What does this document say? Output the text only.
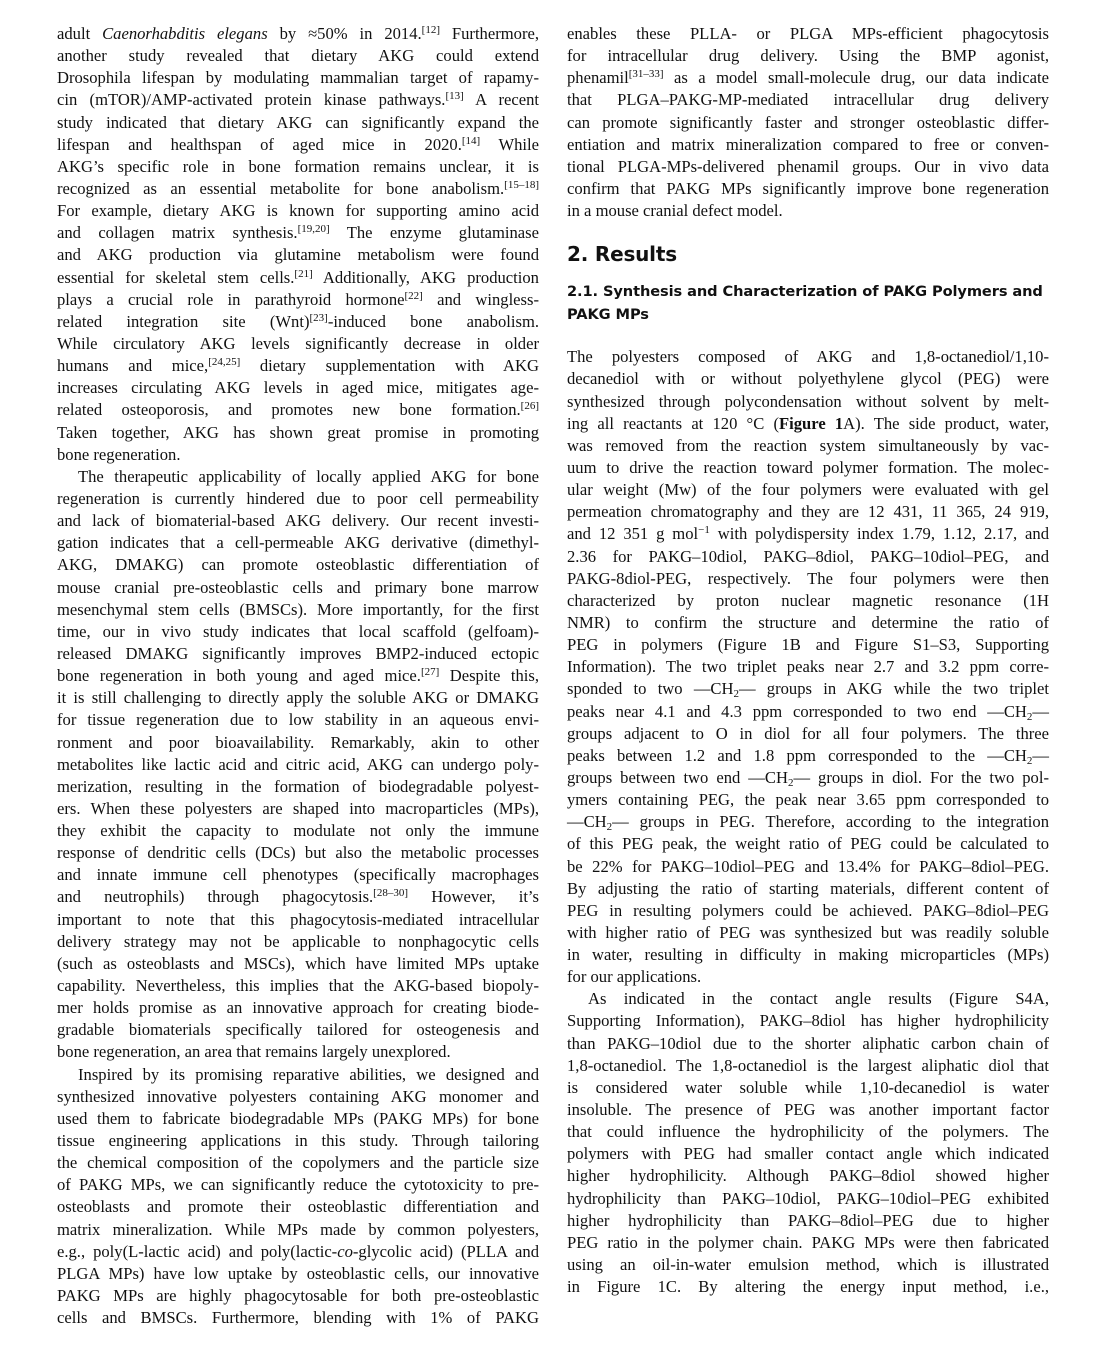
adult Caenorhabditis elegans by ≈50% in 2014.[12] Furthermore,
another study revealed that dietary AKG could extend
Drosophila lifespan by modulating mammalian target of rapamy-
cin (mTOR)/AMP-activated protein kinase pathways.[13] A recent
study indicated that dietary AKG can significantly expand the
lifespan and healthspan of aged mice in 2020.[14] While
AKG’s specific role in bone formation remains unclear, it is
recognized as an essential metabolite for bone anabolism.[15–18]
For example, dietary AKG is known for supporting amino acid
and collagen matrix synthesis.[19,20] The enzyme glutaminase
and AKG production via glutamine metabolism were found
essential for skeletal stem cells.[21] Additionally, AKG production
plays a crucial role in parathyroid hormone[22] and wingless-
related integration site (Wnt)[23]-induced bone anabolism.
While circulatory AKG levels significantly decrease in older
humans and mice,[24,25] dietary supplementation with AKG
increases circulating AKG levels in aged mice, mitigates age-
related osteoporosis, and promotes new bone formation.[26]
Taken together, AKG has shown great promise in promoting
bone regeneration.
The therapeutic applicability of locally applied AKG for bone
regeneration is currently hindered due to poor cell permeability
and lack of biomaterial-based AKG delivery. Our recent investi-
gation indicates that a cell-permeable AKG derivative (dimethyl-
AKG, DMAKG) can promote osteoblastic differentiation of
mouse cranial pre-osteoblastic cells and primary bone marrow
mesenchymal stem cells (BMSCs). More importantly, for the first
time, our in vivo study indicates that local scaffold (gelfoam)-
released DMAKG significantly improves BMP2-induced ectopic
bone regeneration in both young and aged mice.[27] Despite this,
it is still challenging to directly apply the soluble AKG or DMAKG
for tissue regeneration due to low stability in an aqueous envi-
ronment and poor bioavailability. Remarkably, akin to other
metabolites like lactic acid and citric acid, AKG can undergo poly-
merization, resulting in the formation of biodegradable polyest-
ers. When these polyesters are shaped into macroparticles (MPs),
they exhibit the capacity to modulate not only the immune
response of dendritic cells (DCs) but also the metabolic processes
and innate immune cell phenotypes (specifically macrophages
and neutrophils) through phagocytosis.[28–30] However, it’s
important to note that this phagocytosis-mediated intracellular
delivery strategy may not be applicable to nonphagocytic cells
(such as osteoblasts and MSCs), which have limited MPs uptake
capability. Nevertheless, this implies that the AKG-based biopoly-
mer holds promise as an innovative approach for creating biode-
gradable biomaterials specifically tailored for osteogenesis and
bone regeneration, an area that remains largely unexplored.
Inspired by its promising reparative abilities, we designed and
synthesized innovative polyesters containing AKG monomer and
used them to fabricate biodegradable MPs (PAKG MPs) for bone
tissue engineering applications in this study. Through tailoring
the chemical composition of the copolymers and the particle size
of PAKG MPs, we can significantly reduce the cytotoxicity to pre-
osteoblasts and promote their osteoblastic differentiation and
matrix mineralization. While MPs made by common polyesters,
e.g., poly(L-lactic acid) and poly(lactic-co-glycolic acid) (PLLA and
PLGA MPs) have low uptake by osteoblastic cells, our innovative
PAKG MPs are highly phagocytosable for both pre-osteoblastic
cells and BMSCs. Furthermore, blending with 1% of PAKG
enables these PLLA- or PLGA MPs-efficient phagocytosis
for intracellular drug delivery. Using the BMP agonist,
phenamil[31–33] as a model small-molecule drug, our data indicate
that PLGA–PAKG-MP-mediated intracellular drug delivery
can promote significantly faster and stronger osteoblastic differ-
entiation and matrix mineralization compared to free or conven-
tional PLGA-MPs-delivered phenamil groups. Our in vivo data
confirm that PAKG MPs significantly improve bone regeneration
in a mouse cranial defect model.
2. Results
2.1. Synthesis and Characterization of PAKG Polymers and
PAKG MPs
The polyesters composed of AKG and 1,8-octanediol/1,10-
decanediol with or without polyethylene glycol (PEG) were
synthesized through polycondensation without solvent by melt-
ing all reactants at 120 °C (Figure 1A). The side product, water,
was removed from the reaction system simultaneously by vac-
uum to drive the reaction toward polymer formation. The molec-
ular weight (Mw) of the four polymers were evaluated with gel
permeation chromatography and they are 12 431, 11 365, 24 919,
and 12 351 g mol$^{-1}$ with polydispersity index 1.79, 1.12, 2.17, and
2.36 for PAKG–10diol, PAKG–8diol, PAKG–10diol–PEG, and
PAKG-8diol-PEG, respectively. The four polymers were then
characterized by proton nuclear magnetic resonance (1H
NMR) to confirm the structure and determine the ratio of
PEG in polymers (Figure 1B and Figure S1–S3, Supporting
Information). The two triplet peaks near 2.7 and 3.2 ppm corre-
sponded to two $—CH_2—$ groups in AKG while the two triplet
peaks near 4.1 and 4.3 ppm corresponded to two end $—CH_2—$
groups adjacent to O in diol for all four polymers. The three
peaks between 1.2 and 1.8 ppm corresponded to the $—CH_2—$
groups between two end $—CH_2—$ groups in diol. For the two pol-
ymers containing PEG, the peak near 3.65 ppm corresponded to
$—CH_2—$ groups in PEG. Therefore, according to the integration
of this PEG peak, the weight ratio of PEG could be calculated to
be 22% for PAKG–10diol–PEG and 13.4% for PAKG–8diol–PEG.
By adjusting the ratio of starting materials, different content of
PEG in resulting polymers could be achieved. PAKG–8diol–PEG
with higher ratio of PEG was synthesized but was readily soluble
in water, resulting in difficulty in making microparticles (MPs)
for our applications.
As indicated in the contact angle results (Figure S4A,
Supporting Information), PAKG–8diol has higher hydrophilicity
than PAKG–10diol due to the shorter aliphatic carbon chain of
1,8-octanediol. The 1,8-octanediol is the largest aliphatic diol that
is considered water soluble while 1,10-decanediol is water
insoluble. The presence of PEG was another important factor
that could influence the hydrophilicity of the polymers. The
polymers with PEG had smaller contact angle which indicated
higher hydrophilicity. Although PAKG–8diol showed higher
hydrophilicity than PAKG–10diol, PAKG–10diol–PEG exhibited
higher hydrophilicity than PAKG–8diol–PEG due to higher
PEG ratio in the polymer chain. PAKG MPs were then fabricated
using an oil-in-water emulsion method, which is illustrated
in Figure 1C. By altering the energy input method, i.e.,
